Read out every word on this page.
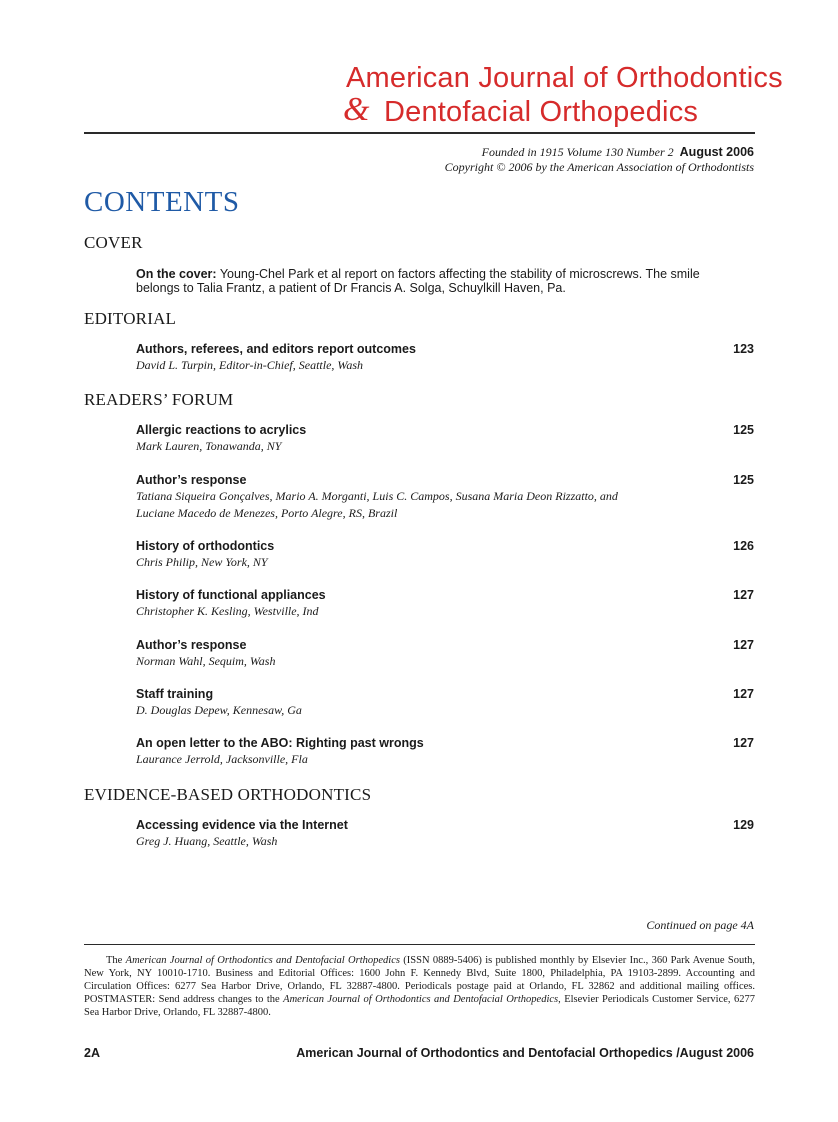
American Journal of Orthodontics
& Dentofacial Orthopedics
Founded in 1915 Volume 130 Number 2 August 2006
Copyright © 2006 by the American Association of Orthodontists
CONTENTS
COVER
On the cover: Young-Chel Park et al report on factors affecting the stability of microscrews. The smile belongs to Talia Frantz, a patient of Dr Francis A. Solga, Schuylkill Haven, Pa.
EDITORIAL
Authors, referees, and editors report outcomes	123
David L. Turpin, Editor-in-Chief, Seattle, Wash
READERS’ FORUM
Allergic reactions to acrylics	125
Mark Lauren, Tonawanda, NY
Author’s response	125
Tatiana Siqueira Gonçalves, Mario A. Morganti, Luis C. Campos, Susana Maria Deon Rizzatto, and
Luciane Macedo de Menezes, Porto Alegre, RS, Brazil
History of orthodontics	126
Chris Philip, New York, NY
History of functional appliances	127
Christopher K. Kesling, Westville, Ind
Author’s response	127
Norman Wahl, Sequim, Wash
Staff training	127
D. Douglas Depew, Kennesaw, Ga
An open letter to the ABO: Righting past wrongs	127
Laurance Jerrold, Jacksonville, Fla
EVIDENCE-BASED ORTHODONTICS
Accessing evidence via the Internet	129
Greg J. Huang, Seattle, Wash
Continued on page 4A
The American Journal of Orthodontics and Dentofacial Orthopedics (ISSN 0889-5406) is published monthly by Elsevier Inc., 360 Park Avenue South, New York, NY 10010-1710. Business and Editorial Offices: 1600 John F. Kennedy Blvd, Suite 1800, Philadelphia, PA 19103-2899. Accounting and Circulation Offices: 6277 Sea Harbor Drive, Orlando, FL 32887-4800. Periodicals postage paid at Orlando, FL 32862 and additional mailing offices. POSTMASTER: Send address changes to the American Journal of Orthodontics and Dentofacial Orthopedics, Elsevier Periodicals Customer Service, 6277 Sea Harbor Drive, Orlando, FL 32887-4800.
2A	American Journal of Orthodontics and Dentofacial Orthopedics /August 2006
